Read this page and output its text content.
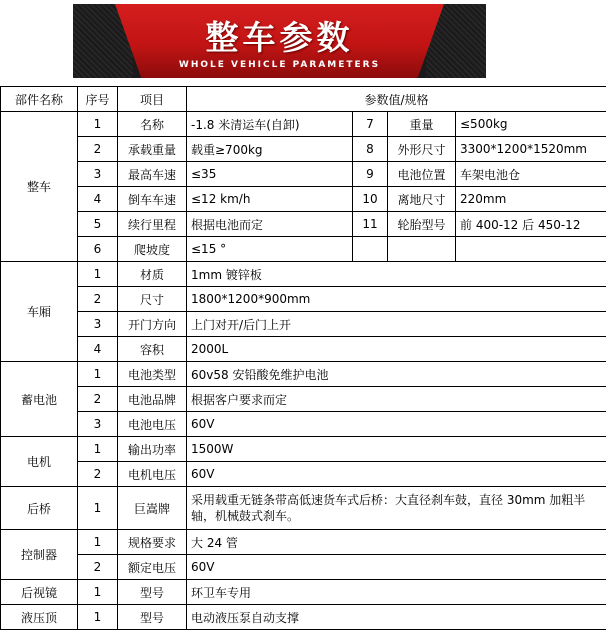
整车参数
WHOLE VEHICLE PARAMETERS
部件名称	序号	项目	参数值/规格			
整车	1	名称	-1.8 米清运车(自卸)	7	重量	≤500kg
	2	承载重量	载重≥700kg	8	外形尺寸	3300*1200*1520mm
	3	最高车速	≤35	9	电池位置	车架电池仓
	4	倒车车速	≤12 km/h	10	离地尺寸	220mm
	5	续行里程	根据电池而定	11	轮胎型号	前 400-12 后 450-12
	6	爬坡度	≤15 °			
车厢	1	材质	1mm 镀锌板			
	2	尺寸	1800*1200*900mm			
	3	开门方向	上门对开/后门上开			
	4	容积	2000L			
蓄电池	1	电池类型	60v58 安铅酸免维护电池			
	2	电池品牌	根据客户要求而定			
	3	电池电压	60V			
电机	1	输出功率	1500W			
	2	电机电压	60V			
后桥	1	巨嵩牌	采用载重无链条带高低速货车式后桥：大直径刹车鼓，直径 30mm 加粗半轴，机械鼓式刹车。			
控制器	1	规格要求	大 24 管			
	2	额定电压	60V			
后视镜	1	型号	环卫车专用			
液压顶	1	型号	电动液压泵自动支撑			
